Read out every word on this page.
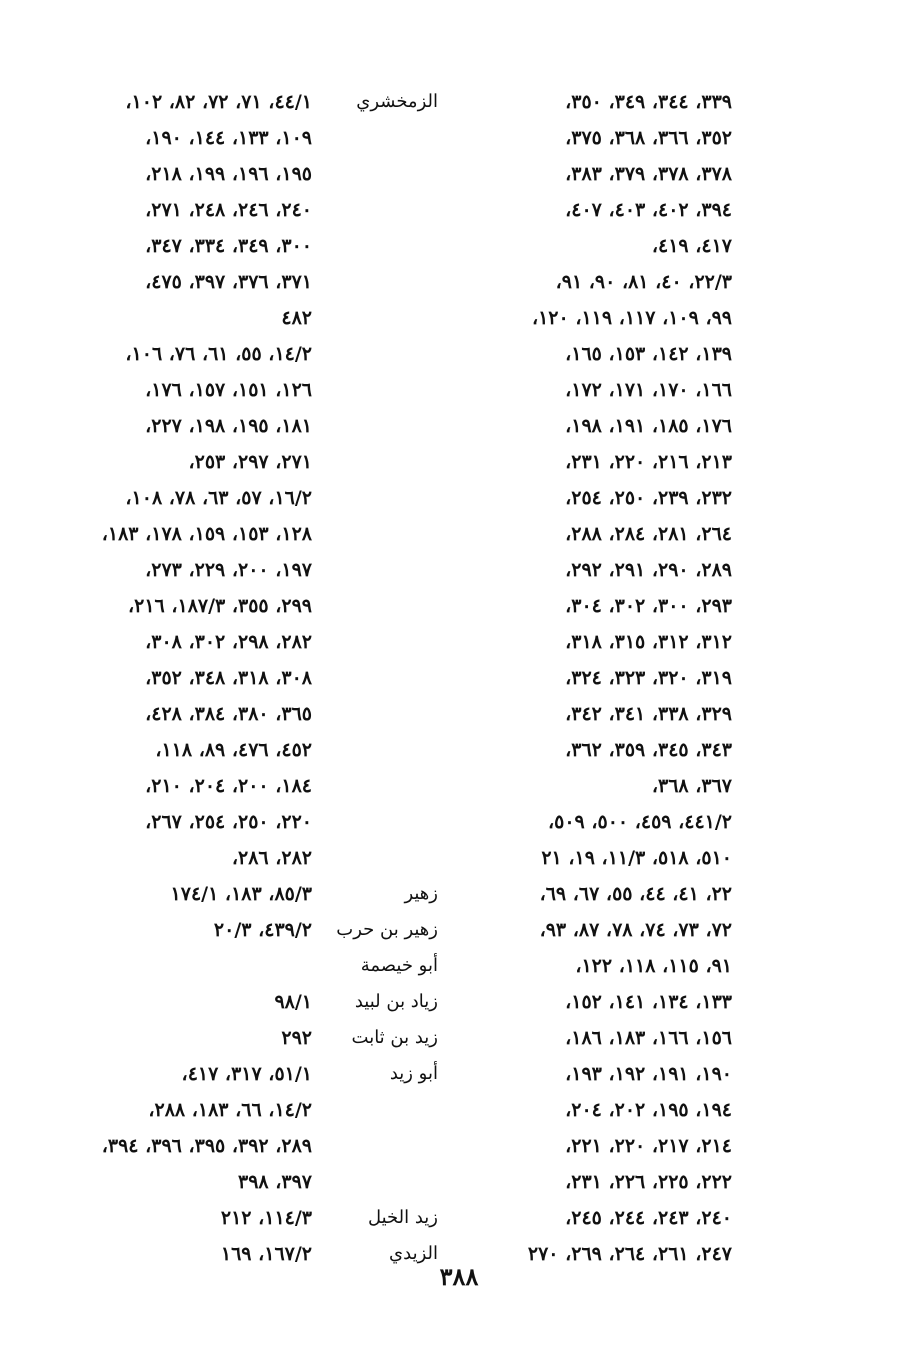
٣٣٩، ٣٤٤، ٣٤٩، ٣٥٠،
٣٥٢، ٣٦٦، ٣٦٨، ٣٧٥،
٣٧٨، ٣٧٨، ٣٧٩، ٣٨٣،
٣٩٤، ٤٠٢، ٤٠٣، ٤٠٧،
٤١٧، ٤١٩،
٢٢/٣، ٤٠، ٨١، ٩٠، ٩١،
٩٩، ١٠٩، ١١٧، ١١٩، ١٢٠،
١٣٩، ١٤٢، ١٥٣، ١٦٥،
١٦٦، ١٧٠، ١٧١، ١٧٢،
١٧٦، ١٨٥، ١٩١، ١٩٨،
٢١٣، ٢١٦، ٢٢٠، ٢٣١،
٢٣٢، ٢٣٩، ٢٥٠، ٢٥٤،
٢٦٤، ٢٨١، ٢٨٤، ٢٨٨،
٢٨٩، ٢٩٠، ٢٩١، ٢٩٢،
٢٩٣، ٣٠٠، ٣٠٢، ٣٠٤،
٣١٢، ٣١٢، ٣١٥، ٣١٨،
٣١٩، ٣٢٠، ٣٢٣، ٣٢٤،
٣٢٩، ٣٣٨، ٣٤١، ٣٤٢،
٣٤٣، ٣٤٥، ٣٥٩، ٣٦٢،
٣٦٧، ٣٦٨،
٤٤١/٢، ٤٥٩، ٥٠٠، ٥٠٩،
٥١٠، ٥١٨، ١١/٣، ١٩، ٢١
٢٢، ٤١، ٤٤، ٥٥، ٦٧، ٦٩،
٧٢، ٧٣، ٧٤، ٧٨، ٨٧، ٩٣،
٩١، ١١٥، ١١٨، ١٢٢،
١٣٣، ١٣٤، ١٤١، ١٥٢،
١٥٦، ١٦٦، ١٨٣، ١٨٦،
١٩٠، ١٩١، ١٩٢، ١٩٣،
١٩٤، ١٩٥، ٢٠٢، ٢٠٤،
٢١٤، ٢١٧، ٢٢٠، ٢٢١،
٢٢٢، ٢٢٥، ٢٢٦، ٢٣١،
٢٤٠، ٢٤٣، ٢٤٤، ٢٤٥،
٢٤٧، ٢٦١، ٢٦٤، ٢٦٩، ٢٧٠
الزمخشري
زهير
زهير بن حرب
أبو خيصمة
زياد بن لبيد
زيد بن ثابت
أبو زيد
زيد الخيل
الزيدي
٤٤/١، ٧١، ٧٢، ٨٢، ١٠٢،
١٠٩، ١٣٣، ١٤٤، ١٩٠،
١٩٥، ١٩٦، ١٩٩، ٢١٨،
٢٤٠، ٢٤٦، ٢٤٨، ٢٧١،
٣٠٠، ٣٤٩، ٣٣٤، ٣٤٧،
٣٧١، ٣٧٦، ٣٩٧، ٤٧٥،
٤٨٢
١٤/٢، ٥٥، ٦١، ٧٦، ١٠٦،
١٢٦، ١٥١، ١٥٧، ١٧٦،
١٨١، ١٩٥، ١٩٨، ٢٢٧،
٢٧١، ٢٩٧، ٢٥٣،
١٦/٢، ٥٧، ٦٣، ٧٨، ١٠٨،
١٢٨، ١٥٣، ١٥٩، ١٧٨، ١٨٣،
١٩٧، ٢٠٠، ٢٢٩، ٢٧٣،
٢٩٩، ٣٥٥، ١٨٧/٣، ٢١٦،
٢٨٢، ٢٩٨، ٣٠٢، ٣٠٨،
٣٠٨، ٣١٨، ٣٤٨، ٣٥٢،
٣٦٥، ٣٨٠، ٣٨٤، ٤٢٨،
٤٥٢، ٤٧٦، ٨٩، ١١٨،
١٨٤، ٢٠٠، ٢٠٤، ٢١٠،
٢٢٠، ٢٥٠، ٢٥٤، ٢٦٧،
٢٨٢، ٢٨٦،
٨٥/٣، ١٨٣، ١٧٤/١
٤٣٩/٢، ٢٠/٣
٩٨/١
٢٩٢
٥١/١، ٣١٧، ٤١٧،
١٤/٢، ٦٦، ١٨٣، ٢٨٨،
٢٨٩، ٣٩٢، ٣٩٥، ٣٩٦، ٣٩٤،
٣٩٧، ٣٩٨
١١٤/٣، ٢١٢
١٦٧/٢، ١٦٩
٣٨٨
